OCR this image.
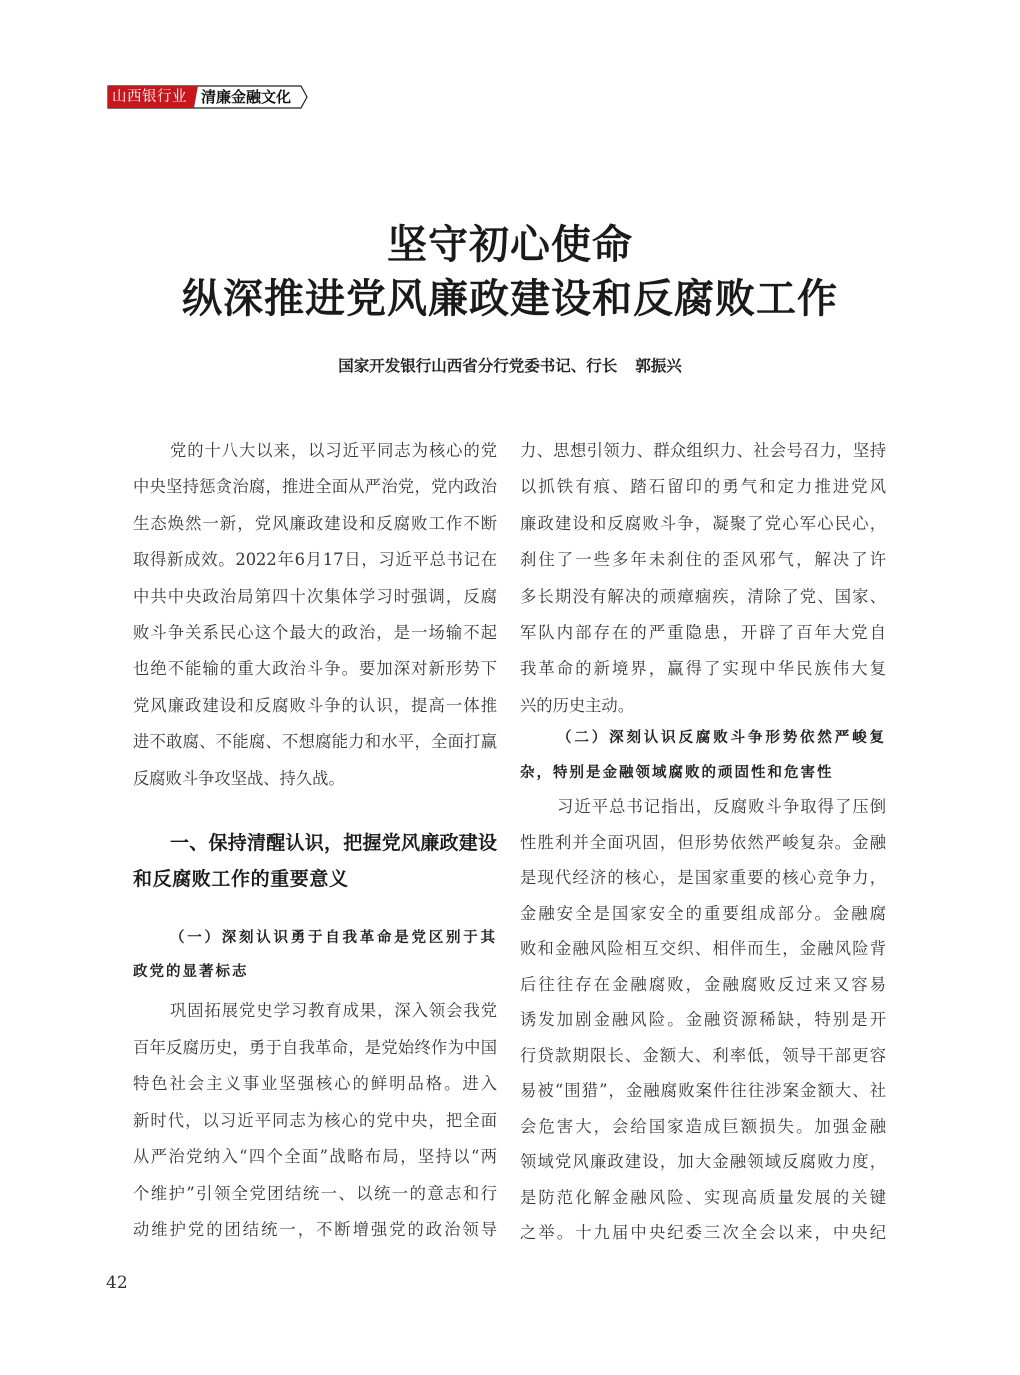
山西银行业 清廉金融文化
坚守初心使命
纵深推进党风廉政建设和反腐败工作
国家开发银行山西省分行党委书记、行长 郭振兴
党的十八大以来，以习近平同志为核心的党
中央坚持惩贪治腐，推进全面从严治党，党内政治
生态焕然一新，党风廉政建设和反腐败工作不断
取得新成效。2022年6月17日，习近平总书记在
中共中央政治局第四十次集体学习时强调，反腐
败斗争关系民心这个最大的政治，是一场输不起
也绝不能输的重大政治斗争。要加深对新形势下
党风廉政建设和反腐败斗争的认识，提高一体推
进不敢腐、不能腐、不想腐能力和水平，全面打赢
反腐败斗争攻坚战、持久战。
一、保持清醒认识，把握党风廉政建设
和反腐败工作的重要意义
（一）深刻认识勇于自我革命是党区别于其
政党的显著标志
巩固拓展党史学习教育成果，深入领会我党
百年反腐历史，勇于自我革命，是党始终作为中国
特色社会主义事业坚强核心的鲜明品格。进入
新时代，以习近平同志为核心的党中央，把全面
从严治党纳入“四个全面”战略布局，坚持以“两
个维护”引领全党团结统一、以统一的意志和行
动维护党的团结统一，不断增强党的政治领导
力、思想引领力、群众组织力、社会号召力，坚持
以抓铁有痕、踏石留印的勇气和定力推进党风
廉政建设和反腐败斗争，凝聚了党心军心民心，
刹住了一些多年未刹住的歪风邪气，解决了许
多长期没有解决的顽瘴痼疾，清除了党、国家、
军队内部存在的严重隐患，开辟了百年大党自
我革命的新境界，赢得了实现中华民族伟大复
兴的历史主动。
（二）深刻认识反腐败斗争形势依然严峻复
杂，特别是金融领域腐败的顽固性和危害性
习近平总书记指出，反腐败斗争取得了压倒
性胜利并全面巩固，但形势依然严峻复杂。金融
是现代经济的核心，是国家重要的核心竞争力，
金融安全是国家安全的重要组成部分。金融腐
败和金融风险相互交织、相伴而生，金融风险背
后往往存在金融腐败，金融腐败反过来又容易
诱发加剧金融风险。金融资源稀缺，特别是开
行贷款期限长、金额大、利率低，领导干部更容
易被“围猎”，金融腐败案件往往涉案金额大、社
会危害大，会给国家造成巨额损失。加强金融
领域党风廉政建设，加大金融领域反腐败力度，
是防范化解金融风险、实现高质量发展的关键
之举。十九届中央纪委三次全会以来，中央纪
42
